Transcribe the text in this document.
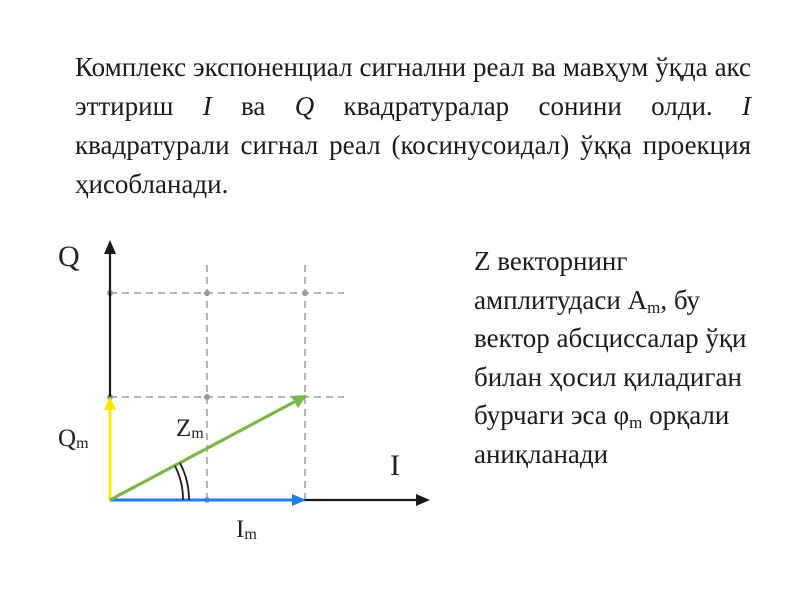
Комплекс экспоненциал сигнални реал ва мавҳум ўқда акс эттириш I ва Q квадратуралар сонини олди. I квадратурали сигнал реал (косинусоидал) ўққа проекция ҳисобланади.

Q
I
Qm
Zm
Im

Z векторнинг амплитудаси $A_m$, бу вектор абсциссалар ўқи билан ҳосил қиладиган бурчаги эса $\varphi_m$ орқали аниқланади
